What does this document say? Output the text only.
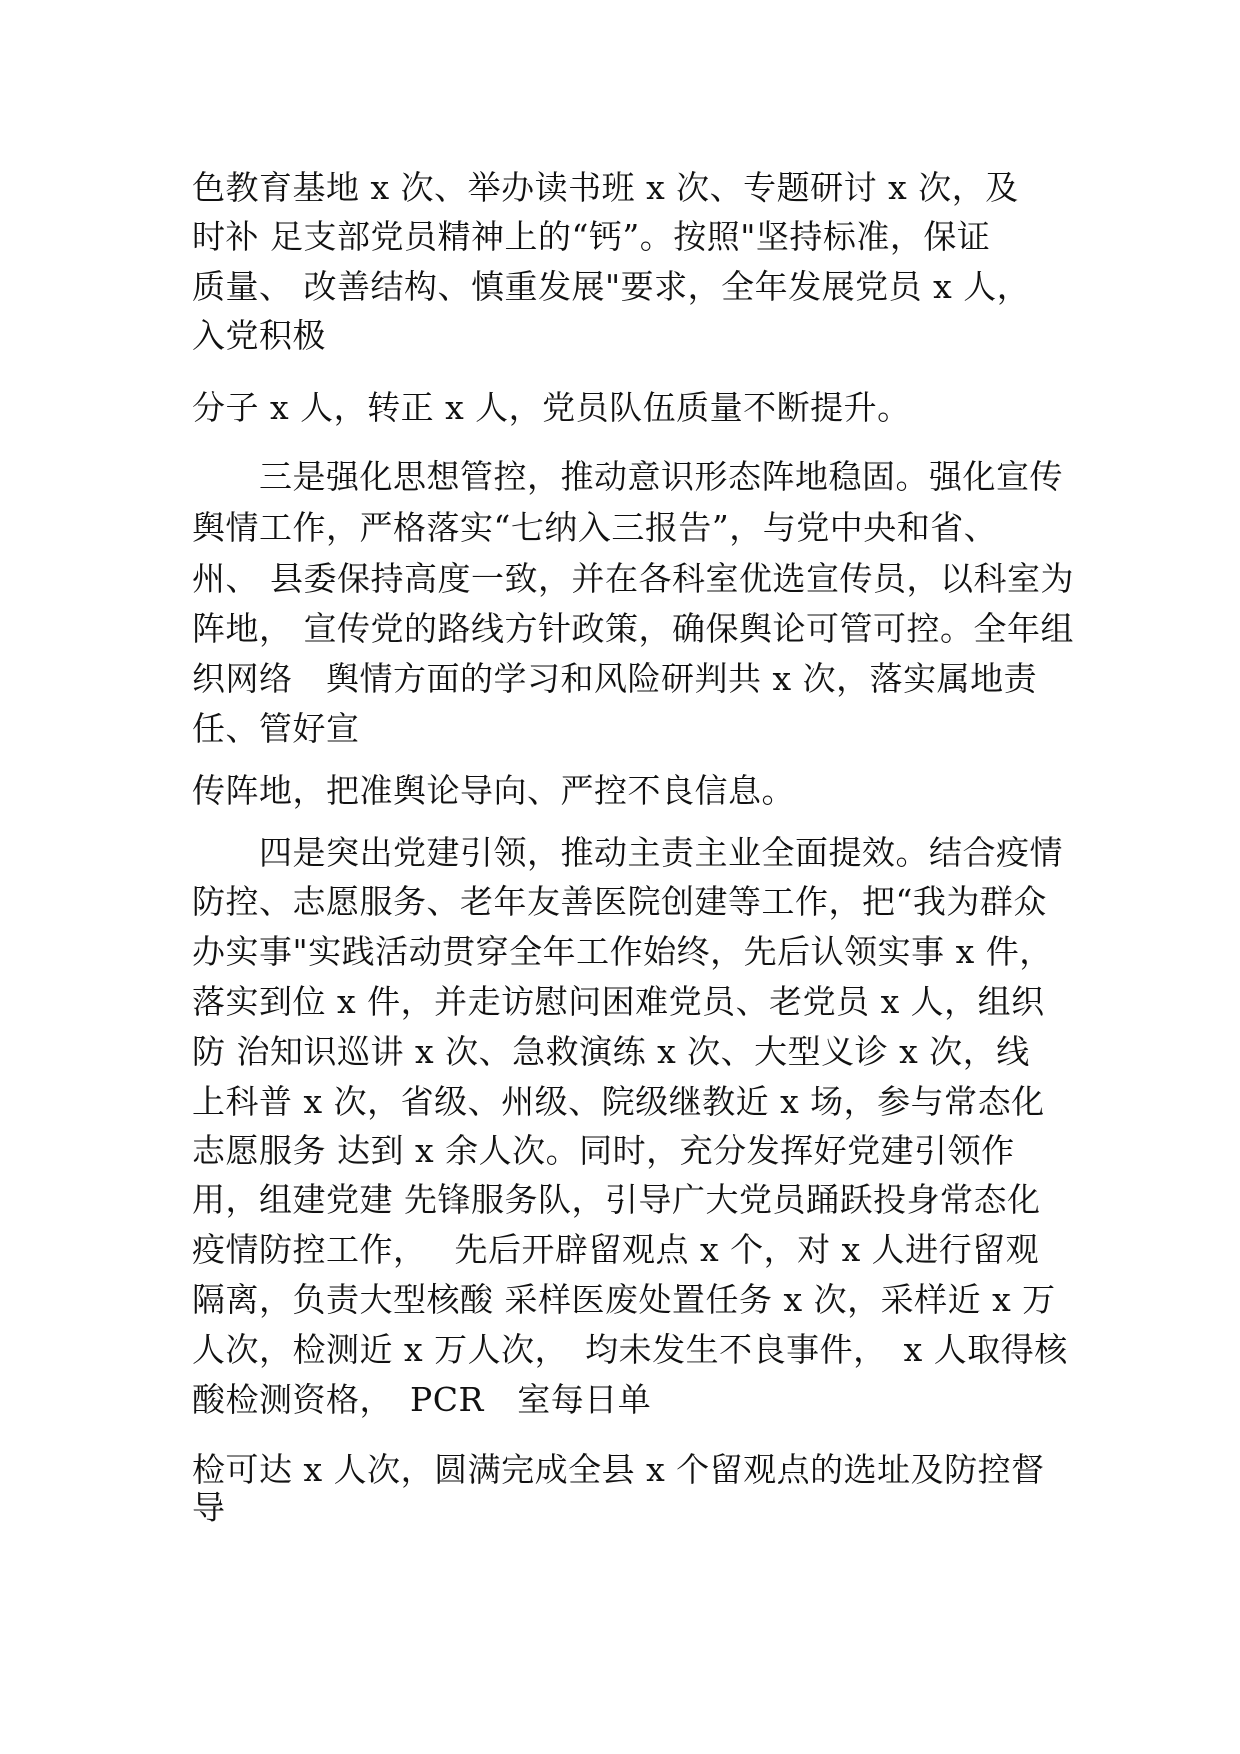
色教育基地 x 次、举办读书班 x 次、专题研讨 x 次，及
时补 足支部党员精神上的“钙”。按照"坚持标准，保证
质量、 改善结构、慎重发展"要求，全年发展党员 x 人，
入党积极
分子 x 人，转正 x 人，党员队伍质量不断提升。
　　三是强化思想管控，推动意识形态阵地稳固。强化宣传
舆情工作，严格落实“七纳入三报告”，与党中央和省、
州、 县委保持高度一致，并在各科室优选宣传员，以科室为
阵地， 宣传党的路线方针政策，确保舆论可管可控。全年组
织网络　舆情方面的学习和风险研判共 x 次，落实属地责
任、管好宣
传阵地，把准舆论导向、严控不良信息。
　　四是突出党建引领，推动主责主业全面提效。结合疫情
防控、志愿服务、老年友善医院创建等工作，把“我为群众
办实事"实践活动贯穿全年工作始终，先后认领实事 x 件，
落实到位 x 件，并走访慰问困难党员、老党员 x 人，组织
防 治知识巡讲 x 次、急救演练 x 次、大型义诊 x 次，线
上科普 x 次，省级、州级、院级继教近 x 场，参与常态化
志愿服务 达到 x 余人次。同时，充分发挥好党建引领作
用，组建党建 先锋服务队，引导广大党员踊跃投身常态化
疫情防控工作，　 先后开辟留观点 x 个，对 x 人进行留观
隔离，负责大型核酸 采样医废处置任务 x 次，采样近 x 万
人次，检测近 x 万人次，　均未发生不良事件，　x 人取得核
酸检测资格，　PCR　室每日单
检可达 x 人次，圆满完成全县 x 个留观点的选址及防控督
导
